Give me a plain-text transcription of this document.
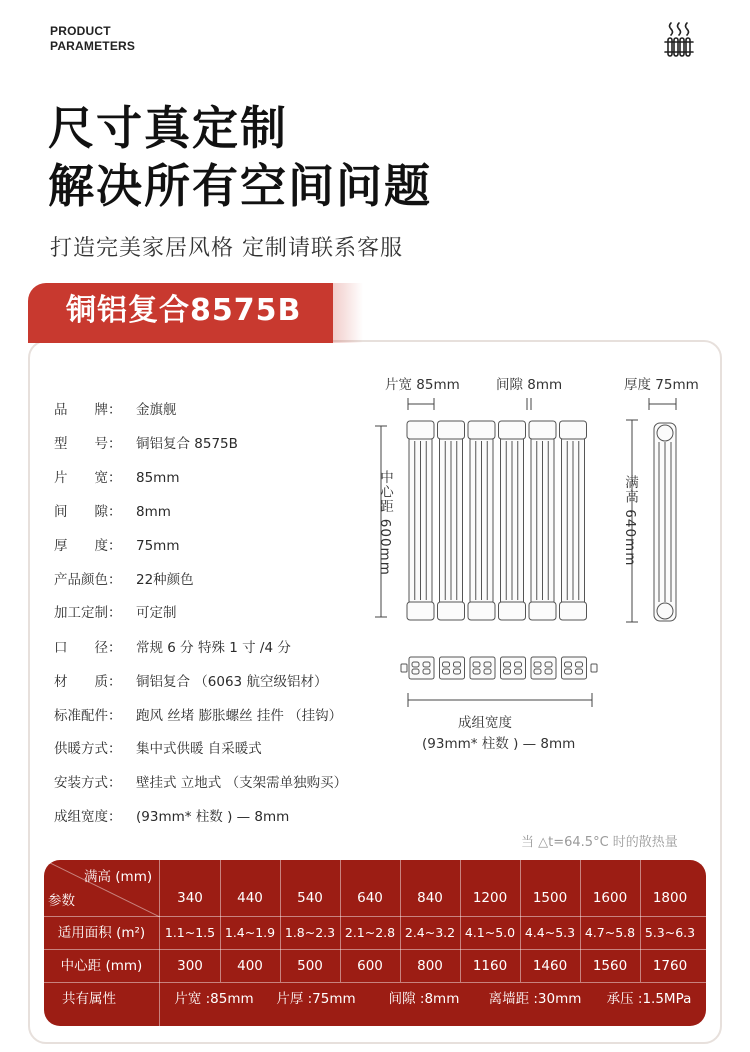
PRODUCT
PARAMETERS
尺寸真定制
解决所有空间问题
打造完美家居风格 定制请联系客服
铜铝复合8575B
品　　牌：	金旗舰
型　　号：	铜铝复合 8575B
片　　宽：	85mm
间　　隙：	8mm
厚　　度：	75mm
产品颜色：	22种颜色
加工定制：	可定制
口　　径：	常规 6 分 特殊 1 寸 /4 分
材　　质：	铜铝复合 （6063 航空级铝材）
标准配件：	跑风 丝堵 膨胀螺丝 挂件 （挂钩）
供暖方式：	集中式供暖 自采暖式
安装方式：	壁挂式 立地式 （支架需单独购买）
成组宽度：	(93mm* 柱数 ) — 8mm
片宽 85mm	间隙 8mm	厚度 75mm
中心距 600mm	满高 640mm
成组宽度
(93mm* 柱数 ) — 8mm
当 △t=64.5°C 时的散热量
满高 (mm)
参数	340	440	540	640	840	1200	1500	1600	1800
适用面积 (m²)	1.1~1.5 1.4~1.9 1.8~2.3 2.1~2.8 2.4~3.2 4.1~5.0 4.4~5.3 4.7~5.8 5.3~6.3
中心距 (mm)	300	400	500	600	800	1160	1460	1560	1760
共有属性	片宽 :85mm	片厚 :75mm	间隙 :8mm	离墙距 :30mm	承压 :1.5MPa
